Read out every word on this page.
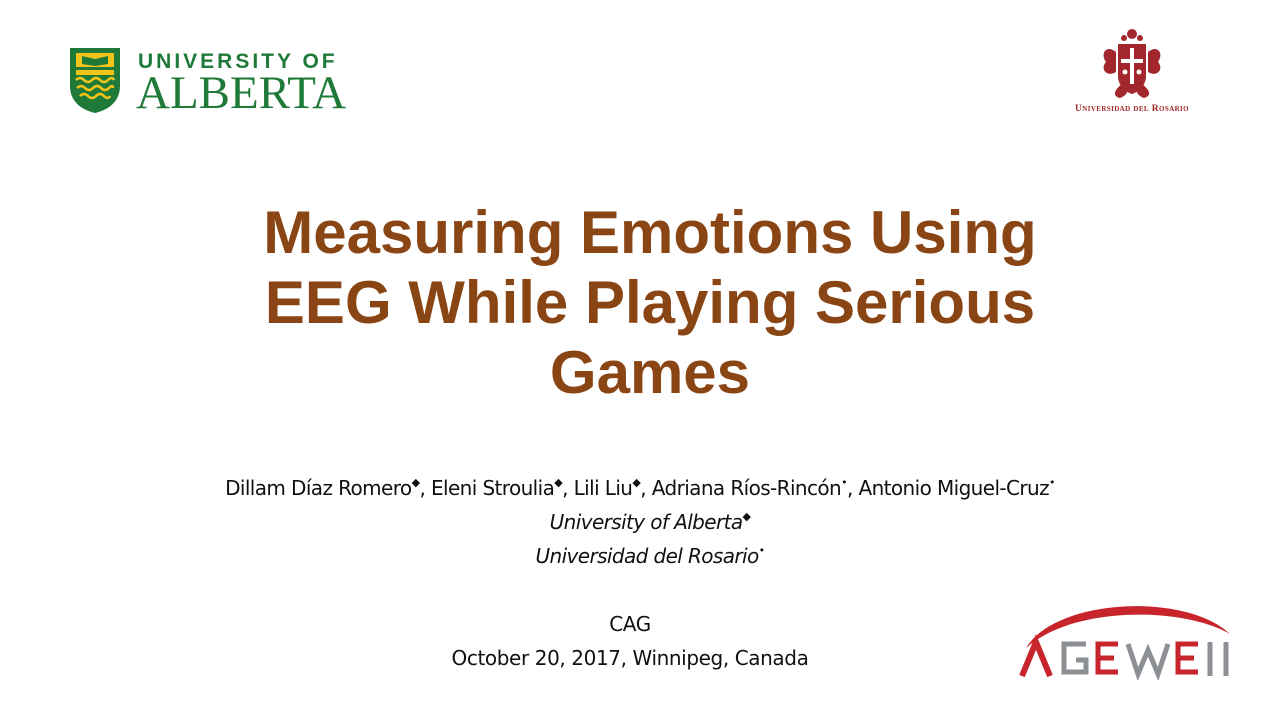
UNIVERSITY OF
ALBERTA	Universidad del Rosario
Measuring Emotions Using
EEG While Playing Serious
Games
Dillam Díaz Romero◆, Eleni Stroulia◆, Lili Liu◆, Adriana Ríos-Rincón•, Antonio Miguel-Cruz•
University of Alberta◆
Universidad del Rosario•
CAG
October 20, 2017, Winnipeg, Canada
